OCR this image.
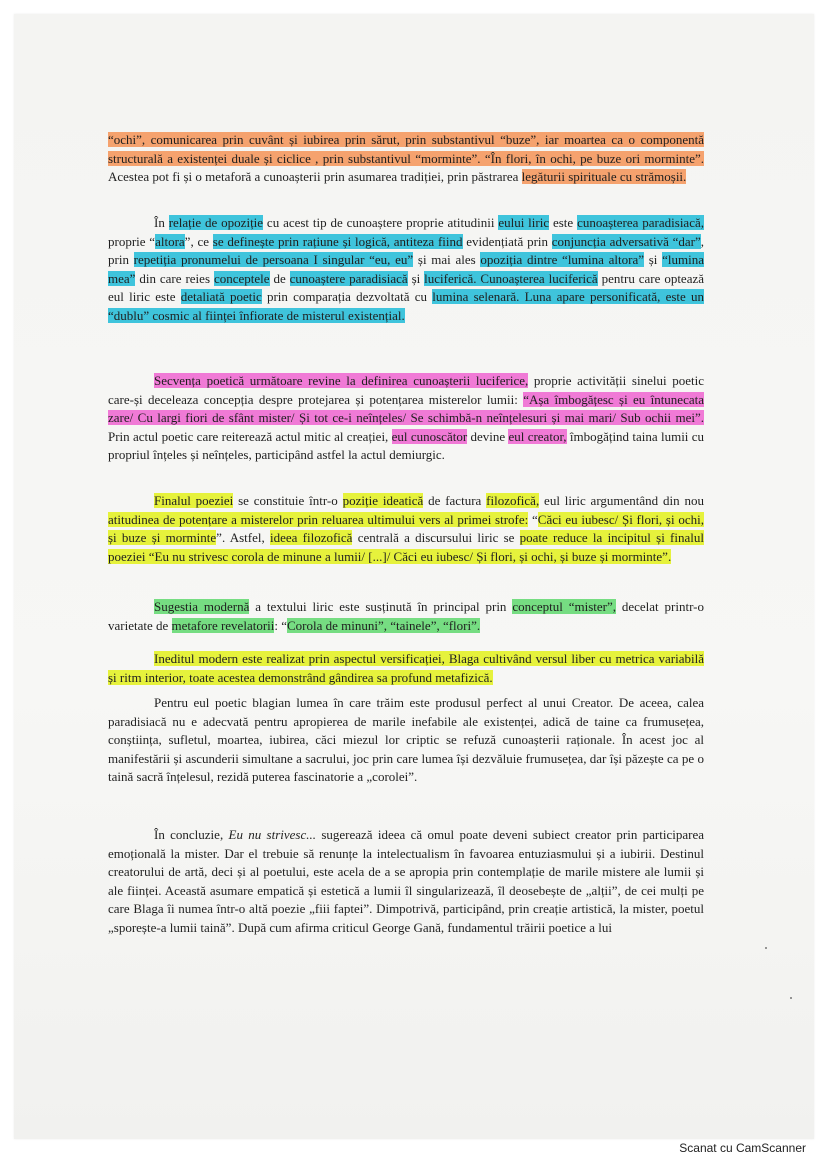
“ochi”, comunicarea prin cuvânt și iubirea prin sărut, prin substantivul “buze”, iar moartea ca o componentă structurală a existenței duale și ciclice , prin substantivul “morminte”. “În flori, în ochi, pe buze ori morminte”. Acestea pot fi și o metaforă a cunoașterii prin asumarea tradiției, prin păstrarea legăturii spirituale cu strămoșii.

În relație de opoziție cu acest tip de cunoaștere proprie atitudinii eului liric este cunoașterea paradisiacă, proprie “altora”, ce se definește prin rațiune și logică, antiteza fiind evidențiată prin conjuncția adversativă “dar”, prin repetiția pronumelui de persoana I singular “eu, eu” și mai ales opoziția dintre “lumina altora” și “lumina mea” din care reies conceptele de cunoaștere paradisiacă și luciferică. Cunoașterea luciferică pentru care optează eul liric este detaliată poetic prin comparația dezvoltată cu lumina selenară. Luna apare personificată, este un “dublu” cosmic al ființei înfiorate de misterul existențial.

Secvența poetică următoare revine la definirea cunoașterii luciferice, proprie activității sinelui poetic care-și deceleaza concepția despre protejarea și potențarea misterelor lumii: “Așa îmbogățesc și eu întunecata zare/ Cu largi fiori de sfânt mister/ Și tot ce-i neînțeles/ Se schimbă-n neînțelesuri și mai mari/ Sub ochii mei”. Prin actul poetic care reiterează actul mitic al creației, eul cunoscător devine eul creator, îmbogățind taina lumii cu propriul înțeles și neînțeles, participând astfel la actul demiurgic.

Finalul poeziei se constituie într-o poziție ideatică de factura filozofică, eul liric argumentând din nou atitudinea de potențare a misterelor prin reluarea ultimului vers al primei strofe: “Căci eu iubesc/ Și flori, și ochi, și buze și morminte”. Astfel, ideea filozofică centrală a discursului liric se poate reduce la incipitul și finalul poeziei “Eu nu strivesc corola de minune a lumii/ [...]/ Căci eu iubesc/ Și flori, și ochi, și buze și morminte”.

Sugestia modernă a textului liric este susținută în principal prin conceptul “mister”, decelat printr-o varietate de metafore revelatorii: “Corola de minuni”, “tainele”, “flori”.

Ineditul modern este realizat prin aspectul versificației, Blaga cultivând versul liber cu metrica variabilă și ritm interior, toate acestea demonstrând gândirea sa profund metafizică.

Pentru eul poetic blagian lumea în care trăim este produsul perfect al unui Creator. De aceea, calea paradisiacă nu e adecvată pentru apropierea de marile inefabile ale existenței, adică de taine ca frumusețea, conștiința, sufletul, moartea, iubirea, căci miezul lor criptic se refuză cunoașterii raționale. În acest joc al manifestării și ascunderii simultane a sacrului, joc prin care lumea își dezvăluie frumusețea, dar își păzește ca pe o taină sacră înțelesul, rezidă puterea fascinatorie a „corolei”.

În concluzie, Eu nu strivesc... sugerează ideea că omul poate deveni subiect creator prin participarea emoțională la mister. Dar el trebuie să renunțe la intelectualism în favoarea entuziasmului și a iubirii. Destinul creatorului de artă, deci și al poetului, este acela de a se apropia prin contemplație de marile mistere ale lumii și ale ființei. Această asumare empatică și estetică a lumii îl singularizează, îl deosebește de „alții”, de cei mulți pe care Blaga îi numea într-o altă poezie „fiii faptei”. Dimpotrivă, participând, prin creație artistică, la mister, poetul „sporește-a lumii taină”. După cum afirma criticul George Gană, fundamentul trăirii poetice a lui

Scanat cu CamScanner
